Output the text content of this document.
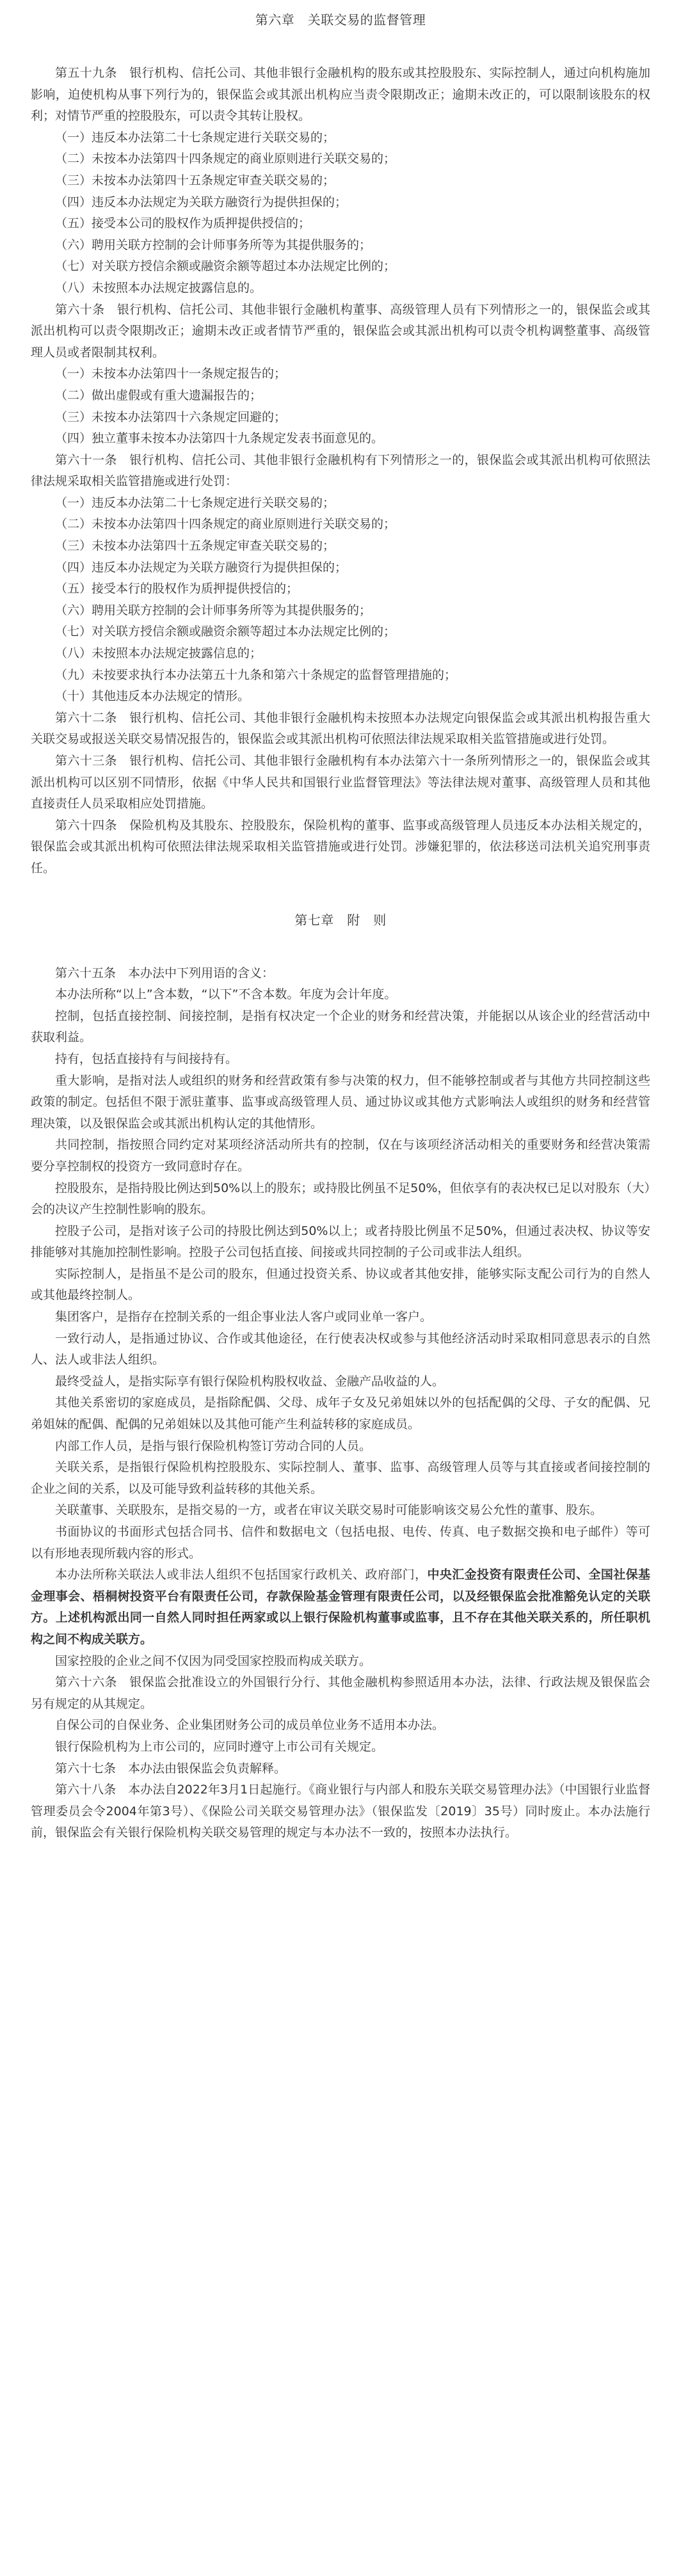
第六章　关联交易的监督管理

第五十九条　银行机构、信托公司、其他非银行金融机构的股东或其控股股东、实际控制人，通过向机构施加影响，迫使机构从事下列行为的，银保监会或其派出机构应当责令限期改正；逾期未改正的，可以限制该股东的权利；对情节严重的控股股东，可以责令其转让股权。

（一）违反本办法第二十七条规定进行关联交易的；

（二）未按本办法第四十四条规定的商业原则进行关联交易的；

（三）未按本办法第四十五条规定审查关联交易的；

（四）违反本办法规定为关联方融资行为提供担保的；

（五）接受本公司的股权作为质押提供授信的；

（六）聘用关联方控制的会计师事务所等为其提供服务的；

（七）对关联方授信余额或融资余额等超过本办法规定比例的；

（八）未按照本办法规定披露信息的。

第六十条　银行机构、信托公司、其他非银行金融机构董事、高级管理人员有下列情形之一的，银保监会或其派出机构可以责令限期改正；逾期未改正或者情节严重的，银保监会或其派出机构可以责令机构调整董事、高级管理人员或者限制其权利。

（一）未按本办法第四十一条规定报告的；

（二）做出虚假或有重大遗漏报告的；

（三）未按本办法第四十六条规定回避的；

（四）独立董事未按本办法第四十九条规定发表书面意见的。

第六十一条　银行机构、信托公司、其他非银行金融机构有下列情形之一的，银保监会或其派出机构可依照法律法规采取相关监管措施或进行处罚：

（一）违反本办法第二十七条规定进行关联交易的；

（二）未按本办法第四十四条规定的商业原则进行关联交易的；

（三）未按本办法第四十五条规定审查关联交易的；

（四）违反本办法规定为关联方融资行为提供担保的；

（五）接受本行的股权作为质押提供授信的；

（六）聘用关联方控制的会计师事务所等为其提供服务的；

（七）对关联方授信余额或融资余额等超过本办法规定比例的；

（八）未按照本办法规定披露信息的；

（九）未按要求执行本办法第五十九条和第六十条规定的监督管理措施的；

（十）其他违反本办法规定的情形。

第六十二条　银行机构、信托公司、其他非银行金融机构未按照本办法规定向银保监会或其派出机构报告重大关联交易或报送关联交易情况报告的，银保监会或其派出机构可依照法律法规采取相关监管措施或进行处罚。

第六十三条　银行机构、信托公司、其他非银行金融机构有本办法第六十一条所列情形之一的，银保监会或其派出机构可以区别不同情形，依据《中华人民共和国银行业监督管理法》等法律法规对董事、高级管理人员和其他直接责任人员采取相应处罚措施。

第六十四条　保险机构及其股东、控股股东，保险机构的董事、监事或高级管理人员违反本办法相关规定的，银保监会或其派出机构可依照法律法规采取相关监管措施或进行处罚。涉嫌犯罪的，依法移送司法机关追究刑事责任。

第七章　附　则

第六十五条　本办法中下列用语的含义：

本办法所称“以上”含本数，“以下”不含本数。年度为会计年度。

控制，包括直接控制、间接控制，是指有权决定一个企业的财务和经营决策，并能据以从该企业的经营活动中获取利益。

持有，包括直接持有与间接持有。

重大影响，是指对法人或组织的财务和经营政策有参与决策的权力，但不能够控制或者与其他方共同控制这些政策的制定。包括但不限于派驻董事、监事或高级管理人员、通过协议或其他方式影响法人或组织的财务和经营管理决策，以及银保监会或其派出机构认定的其他情形。

共同控制，指按照合同约定对某项经济活动所共有的控制，仅在与该项经济活动相关的重要财务和经营决策需要分享控制权的投资方一致同意时存在。

控股股东，是指持股比例达到50%以上的股东；或持股比例虽不足50%，但依享有的表决权已足以对股东（大）会的决议产生控制性影响的股东。

控股子公司，是指对该子公司的持股比例达到50%以上；或者持股比例虽不足50%，但通过表决权、协议等安排能够对其施加控制性影响。控股子公司包括直接、间接或共同控制的子公司或非法人组织。

实际控制人，是指虽不是公司的股东，但通过投资关系、协议或者其他安排，能够实际支配公司行为的自然人或其他最终控制人。

集团客户，是指存在控制关系的一组企事业法人客户或同业单一客户。

一致行动人，是指通过协议、合作或其他途径，在行使表决权或参与其他经济活动时采取相同意思表示的自然人、法人或非法人组织。

最终受益人，是指实际享有银行保险机构股权收益、金融产品收益的人。

其他关系密切的家庭成员，是指除配偶、父母、成年子女及兄弟姐妹以外的包括配偶的父母、子女的配偶、兄弟姐妹的配偶、配偶的兄弟姐妹以及其他可能产生利益转移的家庭成员。

内部工作人员，是指与银行保险机构签订劳动合同的人员。

关联关系，是指银行保险机构控股股东、实际控制人、董事、监事、高级管理人员等与其直接或者间接控制的企业之间的关系，以及可能导致利益转移的其他关系。

关联董事、关联股东，是指交易的一方，或者在审议关联交易时可能影响该交易公允性的董事、股东。

书面协议的书面形式包括合同书、信件和数据电文（包括电报、电传、传真、电子数据交换和电子邮件）等可以有形地表现所载内容的形式。

本办法所称关联法人或非法人组织不包括国家行政机关、政府部门，中央汇金投资有限责任公司、全国社保基金理事会、梧桐树投资平台有限责任公司，存款保险基金管理有限责任公司，以及经银保监会批准豁免认定的关联方。上述机构派出同一自然人同时担任两家或以上银行保险机构董事或监事，且不存在其他关联关系的，所任职机构之间不构成关联方。

国家控股的企业之间不仅因为同受国家控股而构成关联方。

第六十六条　银保监会批准设立的外国银行分行、其他金融机构参照适用本办法，法律、行政法规及银保监会另有规定的从其规定。

自保公司的自保业务、企业集团财务公司的成员单位业务不适用本办法。

银行保险机构为上市公司的，应同时遵守上市公司有关规定。

第六十七条　本办法由银保监会负责解释。

第六十八条　本办法自2022年3月1日起施行。《商业银行与内部人和股东关联交易管理办法》（中国银行业监督管理委员会令2004年第3号）、《保险公司关联交易管理办法》（银保监发〔2019〕35号）同时废止。本办法施行前，银保监会有关银行保险机构关联交易管理的规定与本办法不一致的，按照本办法执行。
